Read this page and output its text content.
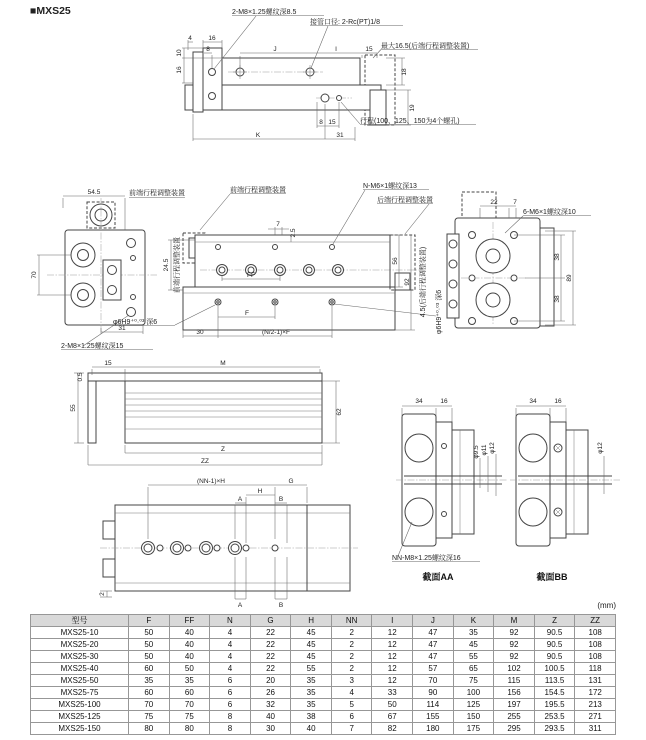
■MXS25	2-M8×1.25螺纹深8.5
接管口径: 2-Rc(PT)1/8
最大16.5(后端行程调整装置)
行程(100、125、150为4个螺孔)
4	16
8	J	I	15
10
16	18
19
8 15
K	31
54.5	前端行程调整装置
70
31
2-M8×1.25螺纹深15
前端行程调整装置
N-M6×1螺纹深13
后端行程调整装置
7
2.5
24.5 前端行程调整装置	FF
F
30	(N/2-1)×F
φ6H9⁺⁰·⁰³ 深6
56
92 4.5(后端行程调整装置) φ6H9⁺⁰·⁰³ 深6
22 7
6-M6×1螺纹深10
38
38
89
15	M
0.5
55
62
Z
ZZ
(NN-1)×H	G
H
A	B
A	B
2
34	16
φ9.5 φ11 φ12
NN-M8×1.25螺纹深16
截面AA
34	16
φ12
截面BB
(mm)
型号	F	FF	N	G	H	NN	I	J	K	M	Z	ZZ
MXS25-10	50	40	4	22	45	2	12	47	35	92	90.5	108
MXS25-20	50	40	4	22	45	2	12	47	45	92	90.5	108
MXS25-30	50	40	4	22	45	2	12	47	55	92	90.5	108
MXS25-40	60	50	4	22	55	2	12	57	65	102	100.5	118
MXS25-50	35	35	6	20	35	3	12	70	75	115	113.5	131
MXS25-75	60	60	6	26	35	4	33	90	100	156	154.5	172
MXS25-100	70	70	6	32	35	5	50	114	125	197	195.5	213
MXS25-125	75	75	8	40	38	6	67	155	150	255	253.5	271
MXS25-150	80	80	8	30	40	7	82	180	175	295	293.5	311
